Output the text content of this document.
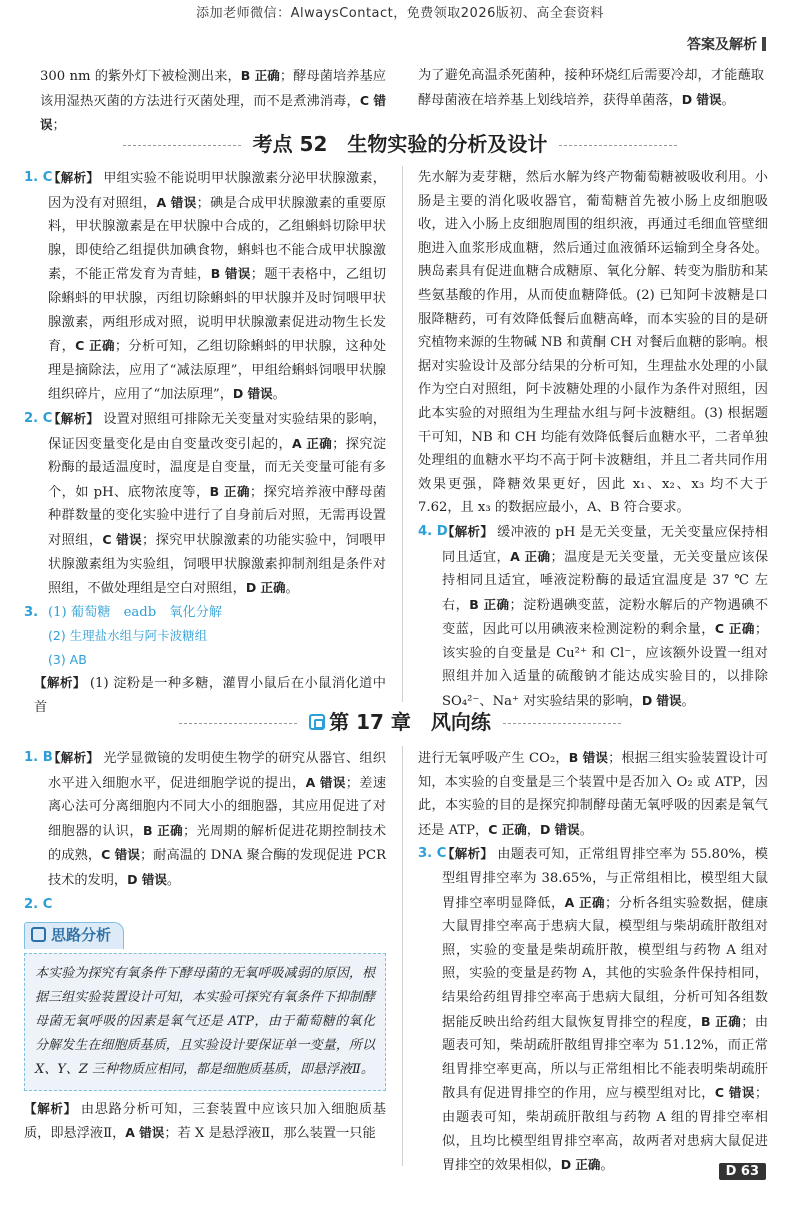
添加老师微信：AlwaysContact，免费领取2026版初、高全套资料
答案及解析

300 nm 的紫外灯下被检测出来，B 正确；酵母菌培养基应该用湿热灭菌的方法进行灭菌处理，而不是煮沸消毒，C 错误；

为了避免高温杀死菌种，接种环烧红后需要冷却，才能蘸取酵母菌液在培养基上划线培养，获得单菌落，D 错误。

考点 52　生物实验的分析及设计
1. C

【解析】 甲组实验不能说明甲状腺激素分泌甲状腺激素，因为没有对照组，A 错误；碘是合成甲状腺激素的重要原料，甲状腺激素是在甲状腺中合成的，乙组蝌蚪切除甲状腺，即使给乙组提供加碘食物，蝌蚪也不能合成甲状腺激素，不能正常发育为青蛙，B 错误；题干表格中，乙组切除蝌蚪的甲状腺，丙组切除蝌蚪的甲状腺并及时饲喂甲状腺激素，两组形成对照，说明甲状腺激素促进动物生长发育，C 正确；分析可知，乙组切除蝌蚪的甲状腺，这种处理是摘除法，应用了“减法原理”，甲组给蝌蚪饲喂甲状腺组织碎片，应用了“加法原理”，D 错误。

2. C

【解析】 设置对照组可排除无关变量对实验结果的影响，保证因变量变化是由自变量改变引起的，A 正确；探究淀粉酶的最适温度时，温度是自变量，而无关变量可能有多个，如 pH、底物浓度等，B 正确；探究培养液中酵母菌种群数量的变化实验中进行了自身前后对照，无需再设置对照组，C 错误；探究甲状腺激素的功能实验中，饲喂甲状腺激素组为实验组，饲喂甲状腺激素抑制剂组是条件对照组，不做处理组是空白对照组，D 正确。

3. (1) 葡萄糖　eadb　氧化分解

(2) 生理盐水组与阿卡波糖组

(3) AB

【解析】 (1) 淀粉是一种多糖，灌胃小鼠后在小鼠消化道中首

先水解为麦芽糖，然后水解为终产物葡萄糖被吸收利用。小肠是主要的消化吸收器官，葡萄糖首先被小肠上皮细胞吸收，进入小肠上皮细胞周围的组织液，再通过毛细血管壁细胞进入血浆形成血糖，然后通过血液循环运输到全身各处。胰岛素具有促进血糖合成糖原、氧化分解、转变为脂肪和某些氨基酸的作用，从而使血糖降低。(2) 已知阿卡波糖是口服降糖药，可有效降低餐后血糖高峰，而本实验的目的是研究植物来源的生物碱 NB 和黄酮 CH 对餐后血糖的影响。根据对实验设计及部分结果的分析可知，生理盐水处理的小鼠作为空白对照组，阿卡波糖处理的小鼠作为条件对照组，因此本实验的对照组为生理盐水组与阿卡波糖组。(3) 根据题干可知，NB 和 CH 均能有效降低餐后血糖水平，二者单独处理组的血糖水平均不高于阿卡波糖组，并且二者共同作用效果更强，降糖效果更好，因此 x₁、x₂、x₃ 均不大于 7.62，且 x₃ 的数据应最小，A、B 符合要求。

4. D

【解析】 缓冲液的 pH 是无关变量，无关变量应保持相同且适宜，A 正确；温度是无关变量，无关变量应该保持相同且适宜，唾液淀粉酶的最适宜温度是 37 ℃ 左右，B 正确；淀粉遇碘变蓝，淀粉水解后的产物遇碘不变蓝，因此可以用碘液来检测淀粉的剩余量，C 正确；该实验的自变量是 Cu²⁺ 和 Cl⁻，应该额外设置一组对照组并加入适量的硫酸钠才能达成实验目的，以排除 SO₄²⁻、Na⁺ 对实验结果的影响，D 错误。

第 17 章　风向练
1. B

【解析】 光学显微镜的发明使生物学的研究从器官、组织水平进入细胞水平，促进细胞学说的提出，A 错误；差速离心法可分离细胞内不同大小的细胞器，其应用促进了对细胞器的认识，B 正确；光周期的解析促进花期控制技术的成熟，C 错误；耐高温的 DNA 聚合酶的发现促进 PCR 技术的发明，D 错误。

2. C

思路分析

本实验为探究有氧条件下酵母菌的无氧呼吸减弱的原因，根据三组实验装置设计可知，本实验可探究有氧条件下抑制酵母菌无氧呼吸的因素是氧气还是 ATP，由于葡萄糖的氧化分解发生在细胞质基质，且实验设计要保证单一变量，所以 X、Y、Z 三种物质应相同，都是细胞质基质，即悬浮液Ⅱ。

【解析】 由思路分析可知，三套装置中应该只加入细胞质基质，即悬浮液Ⅱ，A 错误；若 X 是悬浮液Ⅱ，那么装置一只能

进行无氧呼吸产生 CO₂，B 错误；根据三组实验装置设计可知，本实验的自变量是三个装置中是否加入 O₂ 或 ATP，因此，本实验的目的是探究抑制酵母菌无氧呼吸的因素是氧气还是 ATP，C 正确，D 错误。

3. C

【解析】 由题表可知，正常组胃排空率为 55.80%，模型组胃排空率为 38.65%，与正常组相比，模型组大鼠胃排空率明显降低，A 正确；分析各组实验数据，健康大鼠胃排空率高于患病大鼠，模型组与柴胡疏肝散组对照，实验的变量是柴胡疏肝散，模型组与药物 A 组对照，实验的变量是药物 A，其他的实验条件保持相同，结果给药组胃排空率高于患病大鼠组，分析可知各组数据能反映出给药组大鼠恢复胃排空的程度，B 正确；由题表可知，柴胡疏肝散组胃排空率为 51.12%，而正常组胃排空率更高，所以与正常组相比不能表明柴胡疏肝散具有促进胃排空的作用，应与模型组对比，C 错误；由题表可知，柴胡疏肝散组与药物 A 组的胃排空率相似，且均比模型组胃排空率高，故两者对患病大鼠促进胃排空的效果相似，D 正确。	D 63
